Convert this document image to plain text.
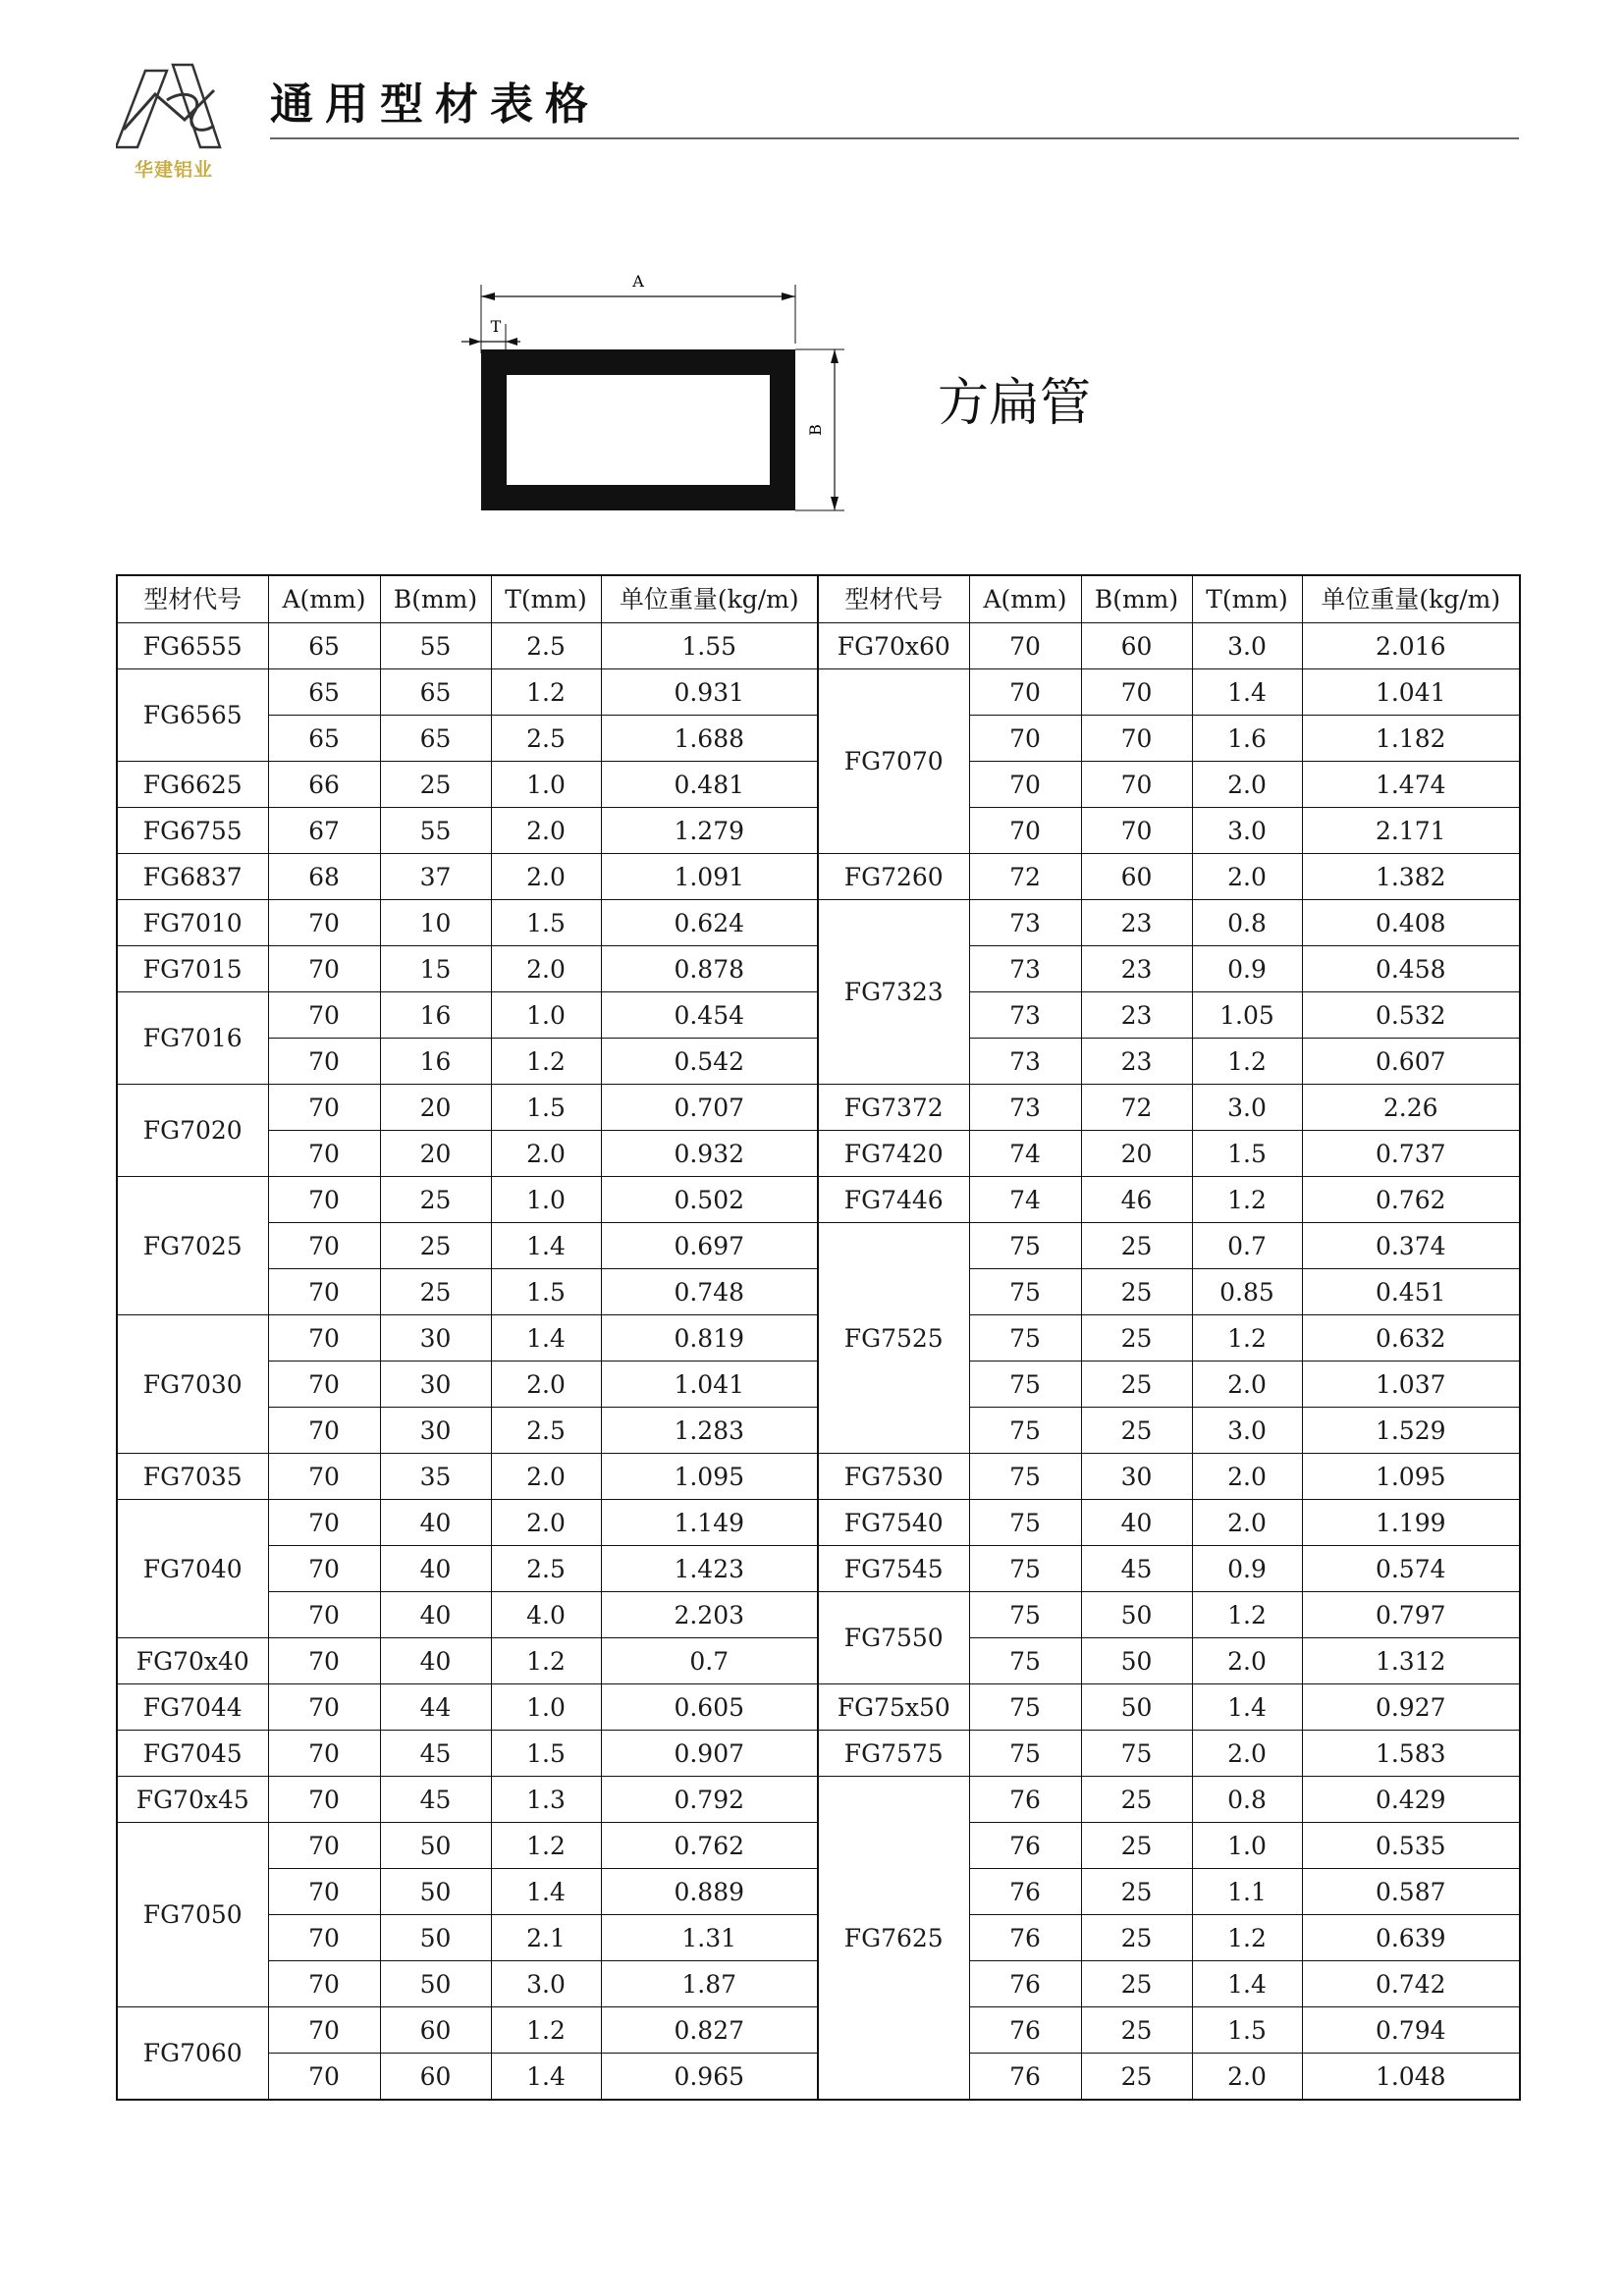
华建铝业
通用型材表格
A
T
B 方扁管
型材代号	A(mm)	B(mm)	T(mm)	单位重量(kg/m)	型材代号	A(mm)	B(mm)	T(mm)	单位重量(kg/m)
FG6555	65	55	2.5	1.55	FG70x60	70	60	3.0	2.016
FG6565	65	65	1.2	0.931	FG7070	70	70	1.4	1.041
	65	65	2.5	1.688		70	70	1.6	1.182
FG6625	66	25	1.0	0.481		70	70	2.0	1.474
FG6755	67	55	2.0	1.279		70	70	3.0	2.171
FG6837	68	37	2.0	1.091	FG7260	72	60	2.0	1.382
FG7010	70	10	1.5	0.624	FG7323	73	23	0.8	0.408
FG7015	70	15	2.0	0.878		73	23	0.9	0.458
FG7016	70	16	1.0	0.454		73	23	1.05	0.532
	70	16	1.2	0.542		73	23	1.2	0.607
FG7020	70	20	1.5	0.707	FG7372	73	72	3.0	2.26
	70	20	2.0	0.932	FG7420	74	20	1.5	0.737
FG7025	70	25	1.0	0.502	FG7446	74	46	1.2	0.762
	70	25	1.4	0.697	FG7525	75	25	0.7	0.374
	70	25	1.5	0.748		75	25	0.85	0.451
FG7030	70	30	1.4	0.819		75	25	1.2	0.632
	70	30	2.0	1.041		75	25	2.0	1.037
	70	30	2.5	1.283		75	25	3.0	1.529
FG7035	70	35	2.0	1.095	FG7530	75	30	2.0	1.095
FG7040	70	40	2.0	1.149	FG7540	75	40	2.0	1.199
	70	40	2.5	1.423	FG7545	75	45	0.9	0.574
	70	40	4.0	2.203	FG7550	75	50	1.2	0.797
FG70x40	70	40	1.2	0.7		75	50	2.0	1.312
FG7044	70	44	1.0	0.605	FG75x50	75	50	1.4	0.927
FG7045	70	45	1.5	0.907	FG7575	75	75	2.0	1.583
FG70x45	70	45	1.3	0.792	FG7625	76	25	0.8	0.429
FG7050	70	50	1.2	0.762		76	25	1.0	0.535
	70	50	1.4	0.889		76	25	1.1	0.587
	70	50	2.1	1.31		76	25	1.2	0.639
	70	50	3.0	1.87		76	25	1.4	0.742
FG7060	70	60	1.2	0.827		76	25	1.5	0.794
	70	60	1.4	0.965		76	25	2.0	1.048
